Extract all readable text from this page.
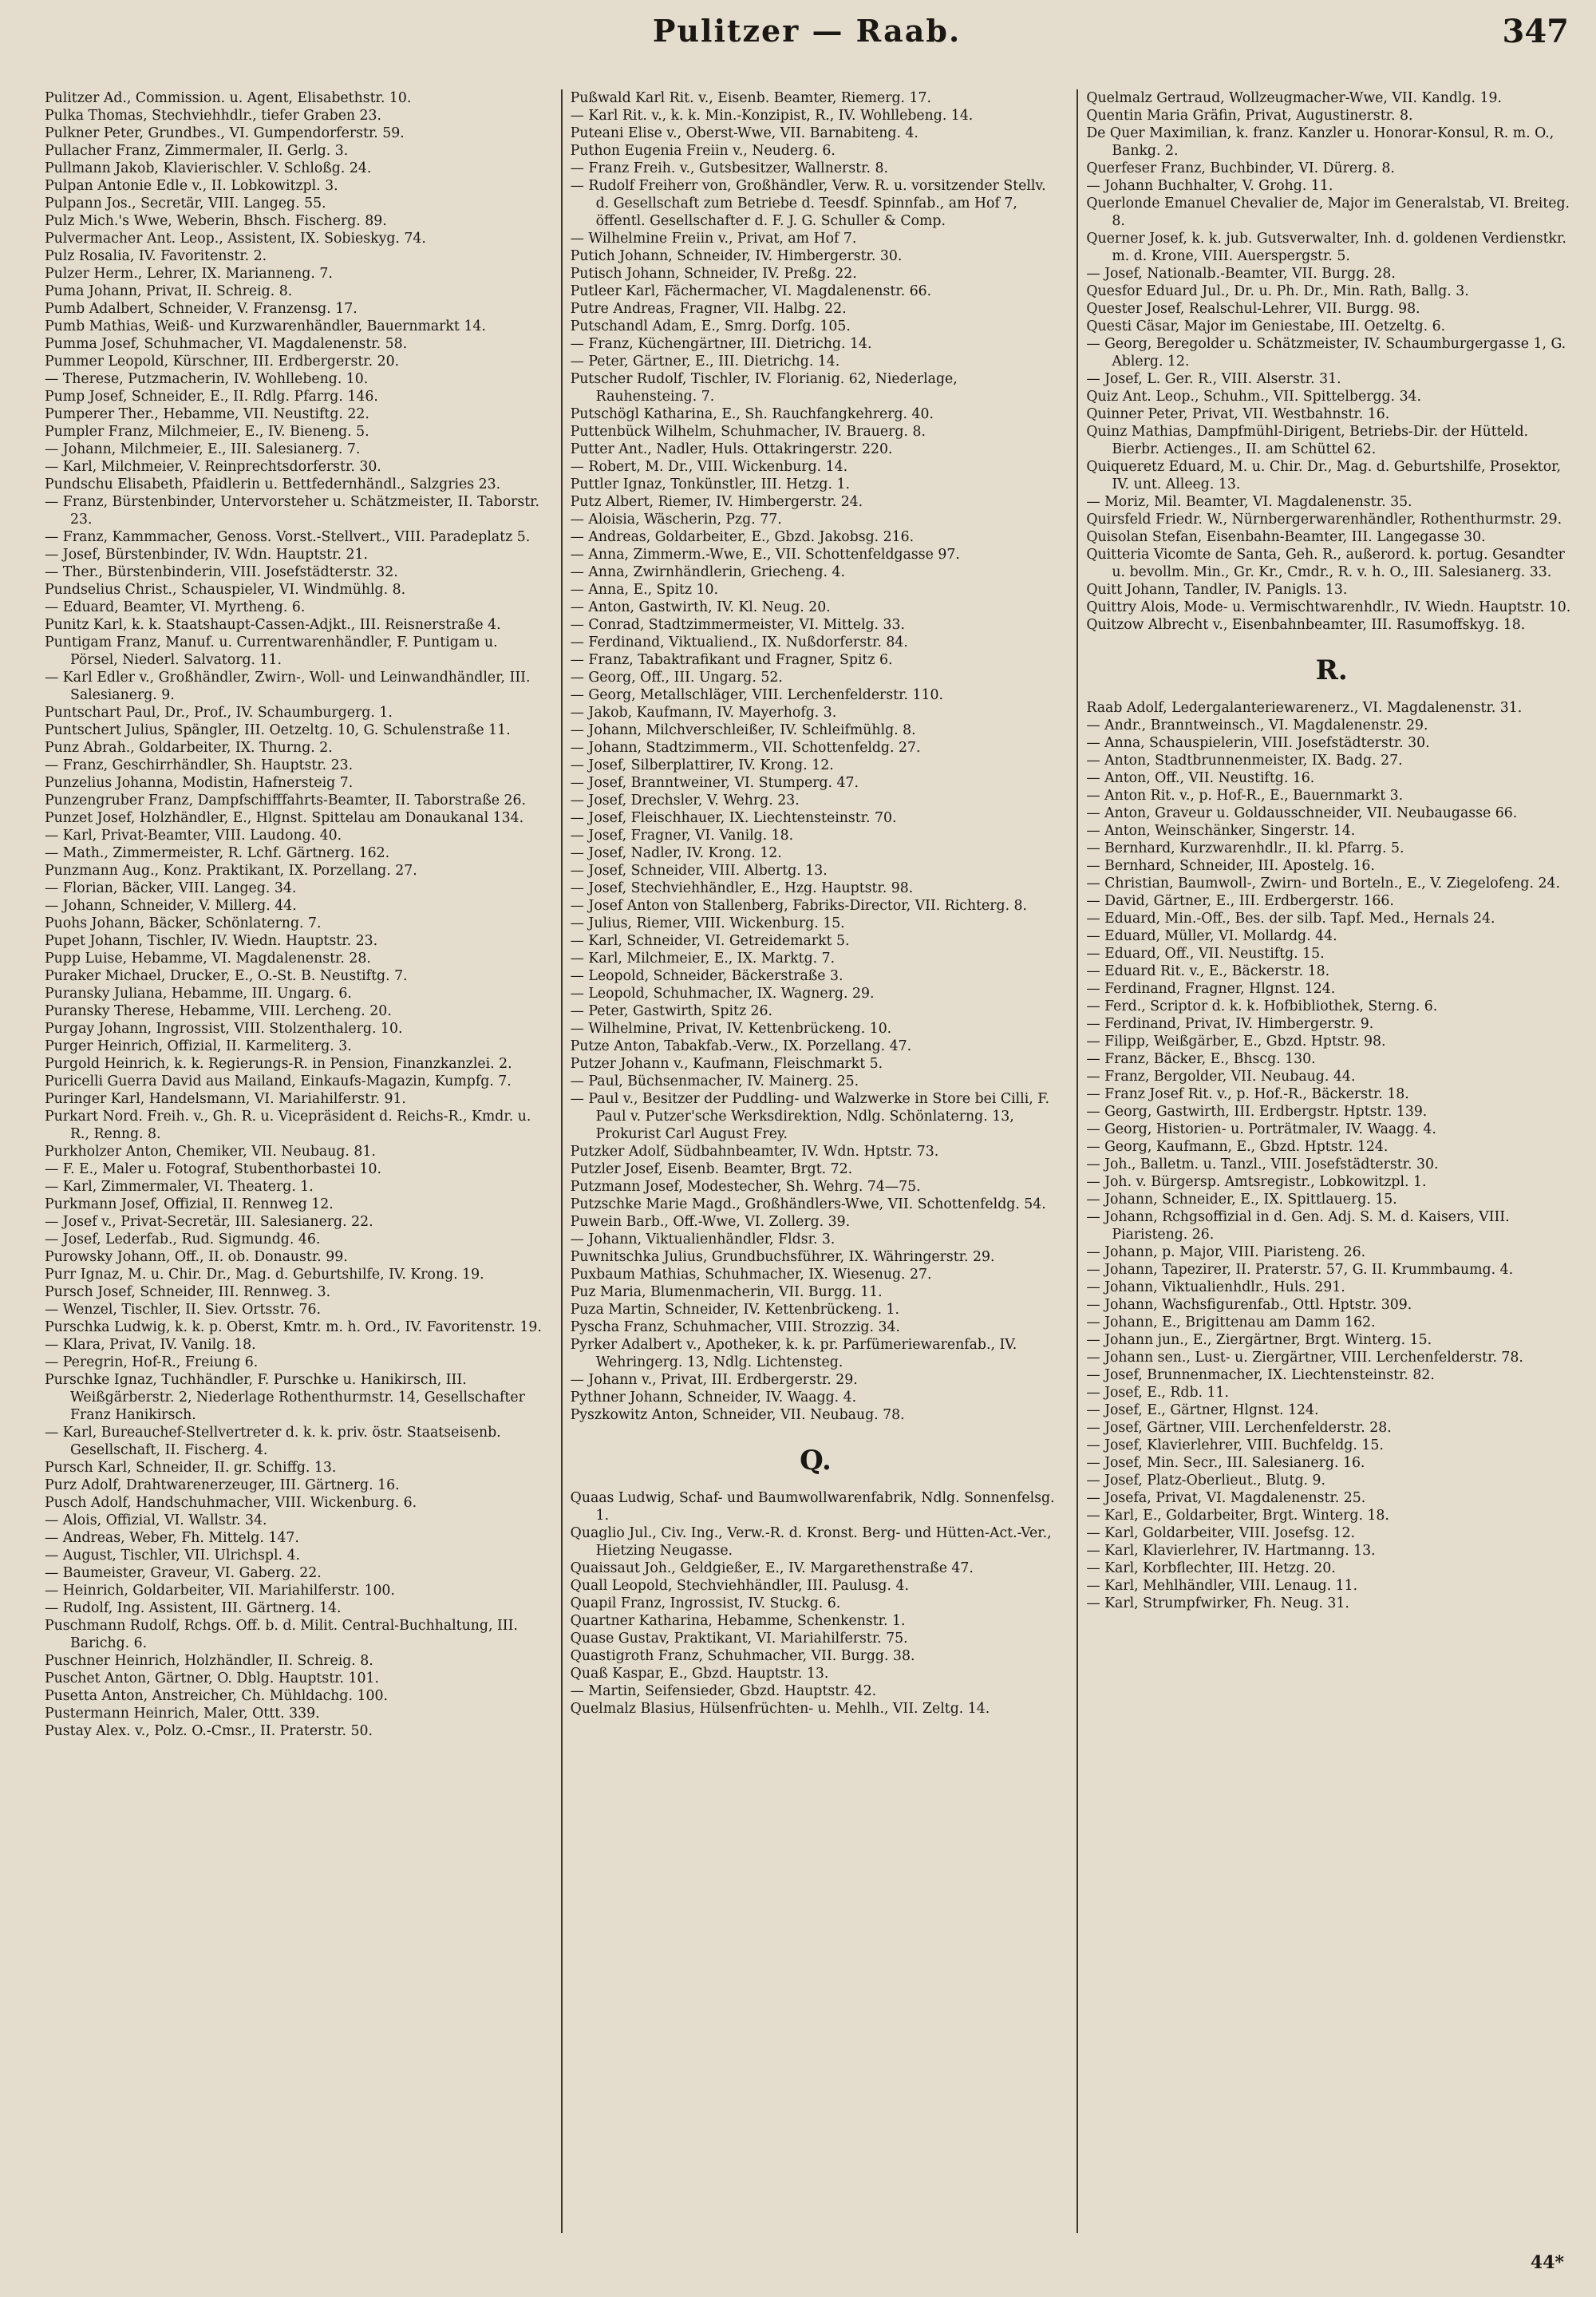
Pulitzer — Raab.	347
Pulitzer Ad., Commission. u. Agent, Elisabethstr. 10.
Pulka Thomas, Stechviehhdlr., tiefer Graben 23.
Pulkner Peter, Grundbes., VI. Gumpendorferstr. 59.
Pullacher Franz, Zimmermaler, II. Gerlg. 3.
Pullmann Jakob, Klavierischler. V. Schloßg. 24.
Pulpan Antonie Edle v., II. Lobkowitzpl. 3.
Pulpann Jos., Secretär, VIII. Langeg. 55.
Pulz Mich.'s Wwe, Weberin, Bhsch. Fischerg. 89.
Pulvermacher Ant. Leop., Assistent, IX. Sobieskyg. 74.
Pulz Rosalia, IV. Favoritenstr. 2.
Pulzer Herm., Lehrer, IX. Marianneng. 7.
Puma Johann, Privat, II. Schreig. 8.
Pumb Adalbert, Schneider, V. Franzensg. 17.
Pumb Mathias, Weiß- und Kurzwarenhändler, Bauernmarkt 14.
Pumma Josef, Schuhmacher, VI. Magdalenenstr. 58.
Pummer Leopold, Kürschner, III. Erdbergerstr. 20.
— Therese, Putzmacherin, IV. Wohllebeng. 10.
Pump Josef, Schneider, E., II. Rdlg. Pfarrg. 146.
Pumperer Ther., Hebamme, VII. Neustiftg. 22.
Pumpler Franz, Milchmeier, E., IV. Bieneng. 5.
— Johann, Milchmeier, E., III. Salesianerg. 7.
— Karl, Milchmeier, V. Reinprechtsdorferstr. 30.
Pundschu Elisabeth, Pfaidlerin u. Bettfedernhändl., Salzgries 23.
— Franz, Bürstenbinder, Untervorsteher u. Schätzmeister, II. Taborstr. 23.
— Franz, Kammmacher, Genoss. Vorst.-Stellvert., VIII. Paradeplatz 5.
— Josef, Bürstenbinder, IV. Wdn. Hauptstr. 21.
— Ther., Bürstenbinderin, VIII. Josefstädterstr. 32.
Pundselius Christ., Schauspieler, VI. Windmühlg. 8.
— Eduard, Beamter, VI. Myrtheng. 6.
Punitz Karl, k. k. Staatshaupt-Cassen-Adjkt., III. Reisnerstraße 4.
Puntigam Franz, Manuf. u. Currentwarenhändler, F. Puntigam u. Pörsel, Niederl. Salvatorg. 11.
— Karl Edler v., Großhändler, Zwirn-, Woll- und Leinwandhändler, III. Salesianerg. 9.
Puntschart Paul, Dr., Prof., IV. Schaumburgerg. 1.
Puntschert Julius, Spängler, III. Oetzeltg. 10, G. Schulenstraße 11.
Punz Abrah., Goldarbeiter, IX. Thurng. 2.
— Franz, Geschirrhändler, Sh. Hauptstr. 23.
Punzelius Johanna, Modistin, Hafnersteig 7.
Punzengruber Franz, Dampfschifffahrts-Beamter, II. Taborstraße 26.
Punzet Josef, Holzhändler, E., Hlgnst. Spittelau am Donaukanal 134.
— Karl, Privat-Beamter, VIII. Laudong. 40.
— Math., Zimmermeister, R. Lchf. Gärtnerg. 162.
Punzmann Aug., Konz. Praktikant, IX. Porzellang. 27.
— Florian, Bäcker, VIII. Langeg. 34.
— Johann, Schneider, V. Millerg. 44.
Puohs Johann, Bäcker, Schönlaterng. 7.
Pupet Johann, Tischler, IV. Wiedn. Hauptstr. 23.
Pupp Luise, Hebamme, VI. Magdalenenstr. 28.
Puraker Michael, Drucker, E., O.-St. B. Neustiftg. 7.
Puransky Juliana, Hebamme, III. Ungarg. 6.
Puransky Therese, Hebamme, VIII. Lercheng. 20.
Purgay Johann, Ingrossist, VIII. Stolzenthalerg. 10.
Purger Heinrich, Offizial, II. Karmeliterg. 3.
Purgold Heinrich, k. k. Regierungs-R. in Pension, Finanzkanzlei. 2.
Puricelli Guerra David aus Mailand, Einkaufs-Magazin, Kumpfg. 7.
Puringer Karl, Handelsmann, VI. Mariahilferstr. 91.
Purkart Nord. Freih. v., Gh. R. u. Vicepräsident d. Reichs-R., Kmdr. u. R., Renng. 8.
Purkholzer Anton, Chemiker, VII. Neubaug. 81.
— F. E., Maler u. Fotograf, Stubenthorbastei 10.
— Karl, Zimmermaler, VI. Theaterg. 1.
Purkmann Josef, Offizial, II. Rennweg 12.
— Josef v., Privat-Secretär, III. Salesianerg. 22.
— Josef, Lederfab., Rud. Sigmundg. 46.
Purowsky Johann, Off., II. ob. Donaustr. 99.
Purr Ignaz, M. u. Chir. Dr., Mag. d. Geburtshilfe, IV. Krong. 19.
Pursch Josef, Schneider, III. Rennweg. 3.
— Wenzel, Tischler, II. Siev. Ortsstr. 76.
Purschka Ludwig, k. k. p. Oberst, Kmtr. m. h. Ord., IV. Favoritenstr. 19.
— Klara, Privat, IV. Vanilg. 18.
— Peregrin, Hof-R., Freiung 6.
Purschke Ignaz, Tuchhändler, F. Purschke u. Hanikirsch, III. Weißgärberstr. 2, Niederlage Rothenthurmstr. 14, Gesellschafter Franz Hanikirsch.
— Karl, Bureauchef-Stellvertreter d. k. k. priv. östr. Staatseisenb. Gesellschaft, II. Fischerg. 4.
Pursch Karl, Schneider, II. gr. Schiffg. 13.
Purz Adolf, Drahtwarenerzeuger, III. Gärtnerg. 16.
Pusch Adolf, Handschuhmacher, VIII. Wickenburg. 6.
— Alois, Offizial, VI. Wallstr. 34.
— Andreas, Weber, Fh. Mittelg. 147.
— August, Tischler, VII. Ulrichspl. 4.
— Baumeister, Graveur, VI. Gaberg. 22.
— Heinrich, Goldarbeiter, VII. Mariahilferstr. 100.
— Rudolf, Ing. Assistent, III. Gärtnerg. 14.
Puschmann Rudolf, Rchgs. Off. b. d. Milit. Central-Buchhaltung, III. Barichg. 6.
Puschner Heinrich, Holzhändler, II. Schreig. 8.
Puschet Anton, Gärtner, O. Dblg. Hauptstr. 101.
Pusetta Anton, Anstreicher, Ch. Mühldachg. 100.
Pustermann Heinrich, Maler, Ottt. 339.
Pustay Alex. v., Polz. O.-Cmsr., II. Praterstr. 50.
Pußwald Karl Rit. v., Eisenb. Beamter, Riemerg. 17.
— Karl Rit. v., k. k. Min.-Konzipist, R., IV. Wohllebeng. 14.
Puteani Elise v., Oberst-Wwe, VII. Barnabiteng. 4.
Puthon Eugenia Freiin v., Neuderg. 6.
— Franz Freih. v., Gutsbesitzer, Wallnerstr. 8.
— Rudolf Freiherr von, Großhändler, Verw. R. u. vorsitzender Stellv. d. Gesellschaft zum Betriebe d. Teesdf. Spinnfab., am Hof 7, öffentl. Gesellschafter d. F. J. G. Schuller & Comp.
— Wilhelmine Freiin v., Privat, am Hof 7.
Putich Johann, Schneider, IV. Himbergerstr. 30.
Putisch Johann, Schneider, IV. Preßg. 22.
Putleer Karl, Fächermacher, VI. Magdalenenstr. 66.
Putre Andreas, Fragner, VII. Halbg. 22.
Putschandl Adam, E., Smrg. Dorfg. 105.
— Franz, Küchengärtner, III. Dietrichg. 14.
— Peter, Gärtner, E., III. Dietrichg. 14.
Putscher Rudolf, Tischler, IV. Florianig. 62, Niederlage, Rauhensteing. 7.
Putschögl Katharina, E., Sh. Rauchfangkehrerg. 40.
Puttenbück Wilhelm, Schuhmacher, IV. Brauerg. 8.
Putter Ant., Nadler, Huls. Ottakringerstr. 220.
— Robert, M. Dr., VIII. Wickenburg. 14.
Puttler Ignaz, Tonkünstler, III. Hetzg. 1.
Putz Albert, Riemer, IV. Himbergerstr. 24.
— Aloisia, Wäscherin, Pzg. 77.
— Andreas, Goldarbeiter, E., Gbzd. Jakobsg. 216.
— Anna, Zimmerm.-Wwe, E., VII. Schottenfeldgasse 97.
— Anna, Zwirnhändlerin, Griecheng. 4.
— Anna, E., Spitz 10.
— Anton, Gastwirth, IV. Kl. Neug. 20.
— Conrad, Stadtzimmermeister, VI. Mittelg. 33.
— Ferdinand, Viktualiend., IX. Nußdorferstr. 84.
— Franz, Tabaktrafikant und Fragner, Spitz 6.
— Georg, Off., III. Ungarg. 52.
— Georg, Metallschläger, VIII. Lerchenfelderstr. 110.
— Jakob, Kaufmann, IV. Mayerhofg. 3.
— Johann, Milchverschleißer, IV. Schleifmühlg. 8.
— Johann, Stadtzimmerm., VII. Schottenfeldg. 27.
— Josef, Silberplattirer, IV. Krong. 12.
— Josef, Branntweiner, VI. Stumperg. 47.
— Josef, Drechsler, V. Wehrg. 23.
— Josef, Fleischhauer, IX. Liechtensteinstr. 70.
— Josef, Fragner, VI. Vanilg. 18.
— Josef, Nadler, IV. Krong. 12.
— Josef, Schneider, VIII. Albertg. 13.
— Josef, Stechviehhändler, E., Hzg. Hauptstr. 98.
— Josef Anton von Stallenberg, Fabriks-Director, VII. Richterg. 8.
— Julius, Riemer, VIII. Wickenburg. 15.
— Karl, Schneider, VI. Getreidemarkt 5.
— Karl, Milchmeier, E., IX. Marktg. 7.
— Leopold, Schneider, Bäckerstraße 3.
— Leopold, Schuhmacher, IX. Wagnerg. 29.
— Peter, Gastwirth, Spitz 26.
— Wilhelmine, Privat, IV. Kettenbrückeng. 10.
Putze Anton, Tabakfab.-Verw., IX. Porzellang. 47.
Putzer Johann v., Kaufmann, Fleischmarkt 5.
— Paul, Büchsenmacher, IV. Mainerg. 25.
— Paul v., Besitzer der Puddling- und Walzwerke in Store bei Cilli, F. Paul v. Putzer'sche Werksdirektion, Ndlg. Schönlaterng. 13, Prokurist Carl August Frey.
Putzker Adolf, Südbahnbeamter, IV. Wdn. Hptstr. 73.
Putzler Josef, Eisenb. Beamter, Brgt. 72.
Putzmann Josef, Modestecher, Sh. Wehrg. 74—75.
Putzschke Marie Magd., Großhändlers-Wwe, VII. Schottenfeldg. 54.
Puwein Barb., Off.-Wwe, VI. Zollerg. 39.
— Johann, Viktualienhändler, Fldsr. 3.
Puwnitschka Julius, Grundbuchsführer, IX. Währingerstr. 29.
Puxbaum Mathias, Schuhmacher, IX. Wiesenug. 27.
Puz Maria, Blumenmacherin, VII. Burgg. 11.
Puza Martin, Schneider, IV. Kettenbrückeng. 1.
Pyscha Franz, Schuhmacher, VIII. Strozzig. 34.
Pyrker Adalbert v., Apotheker, k. k. pr. Parfümeriewarenfab., IV. Wehringerg. 13, Ndlg. Lichtensteg.
— Johann v., Privat, III. Erdbergerstr. 29.
Pythner Johann, Schneider, IV. Waagg. 4.
Pyszkowitz Anton, Schneider, VII. Neubaug. 78.
Q.
Quaas Ludwig, Schaf- und Baumwollwarenfabrik, Ndlg. Sonnenfelsg. 1.
Quaglio Jul., Civ. Ing., Verw.-R. d. Kronst. Berg- und Hütten-Act.-Ver., Hietzing Neugasse.
Quaissaut Joh., Geldgießer, E., IV. Margarethenstraße 47.
Quall Leopold, Stechviehhändler, III. Paulusg. 4.
Quapil Franz, Ingrossist, IV. Stuckg. 6.
Quartner Katharina, Hebamme, Schenkenstr. 1.
Quase Gustav, Praktikant, VI. Mariahilferstr. 75.
Quastigroth Franz, Schuhmacher, VII. Burgg. 38.
Quaß Kaspar, E., Gbzd. Hauptstr. 13.
— Martin, Seifensieder, Gbzd. Hauptstr. 42.
Quelmalz Blasius, Hülsenfrüchten- u. Mehlh., VII. Zeltg. 14.
Quelmalz Gertraud, Wollzeugmacher-Wwe, VII. Kandlg. 19.
Quentin Maria Gräfin, Privat, Augustinerstr. 8.
De Quer Maximilian, k. franz. Kanzler u. Honorar-Konsul, R. m. O., Bankg. 2.
Querfeser Franz, Buchbinder, VI. Dürerg. 8.
— Johann Buchhalter, V. Grohg. 11.
Querlonde Emanuel Chevalier de, Major im Generalstab, VI. Breiteg. 8.
Querner Josef, k. k. jub. Gutsverwalter, Inh. d. goldenen Verdienstkr. m. d. Krone, VIII. Auerspergstr. 5.
— Josef, Nationalb.-Beamter, VII. Burgg. 28.
Quesfor Eduard Jul., Dr. u. Ph. Dr., Min. Rath, Ballg. 3.
Quester Josef, Realschul-Lehrer, VII. Burgg. 98.
Questi Cäsar, Major im Geniestabe, III. Oetzeltg. 6.
— Georg, Beregolder u. Schätzmeister, IV. Schaumburgergasse 1, G. Ablerg. 12.
— Josef, L. Ger. R., VIII. Alserstr. 31.
Quiz Ant. Leop., Schuhm., VII. Spittelbergg. 34.
Quinner Peter, Privat, VII. Westbahnstr. 16.
Quinz Mathias, Dampfmühl-Dirigent, Betriebs-Dir. der Hütteld. Bierbr. Actienges., II. am Schüttel 62.
Quiqueretz Eduard, M. u. Chir. Dr., Mag. d. Geburtshilfe, Prosektor, IV. unt. Alleeg. 13.
— Moriz, Mil. Beamter, VI. Magdalenenstr. 35.
Quirsfeld Friedr. W., Nürnbergerwarenhändler, Rothenthurmstr. 29.
Quisolan Stefan, Eisenbahn-Beamter, III. Langegasse 30.
Quitteria Vicomte de Santa, Geh. R., außerord. k. portug. Gesandter u. bevollm. Min., Gr. Kr., Cmdr., R. v. h. O., III. Salesianerg. 33.
Quitt Johann, Tandler, IV. Panigls. 13.
Quittry Alois, Mode- u. Vermischtwarenhdlr., IV. Wiedn. Hauptstr. 10.
Quitzow Albrecht v., Eisenbahnbeamter, III. Rasumoffskyg. 18.
R.
Raab Adolf, Ledergalanteriewarenerz., VI. Magdalenenstr. 31.
— Andr., Branntweinsch., VI. Magdalenenstr. 29.
— Anna, Schauspielerin, VIII. Josefstädterstr. 30.
— Anton, Stadtbrunnenmeister, IX. Badg. 27.
— Anton, Off., VII. Neustiftg. 16.
— Anton Rit. v., p. Hof-R., E., Bauernmarkt 3.
— Anton, Graveur u. Goldausschneider, VII. Neubaugasse 66.
— Anton, Weinschänker, Singerstr. 14.
— Bernhard, Kurzwarenhdlr., II. kl. Pfarrg. 5.
— Bernhard, Schneider, III. Apostelg. 16.
— Christian, Baumwoll-, Zwirn- und Borteln., E., V. Ziegelofeng. 24.
— David, Gärtner, E., III. Erdbergerstr. 166.
— Eduard, Min.-Off., Bes. der silb. Tapf. Med., Hernals 24.
— Eduard, Müller, VI. Mollardg. 44.
— Eduard, Off., VII. Neustiftg. 15.
— Eduard Rit. v., E., Bäckerstr. 18.
— Ferdinand, Fragner, Hlgnst. 124.
— Ferd., Scriptor d. k. k. Hofbibliothek, Sterng. 6.
— Ferdinand, Privat, IV. Himbergerstr. 9.
— Filipp, Weißgärber, E., Gbzd. Hptstr. 98.
— Franz, Bäcker, E., Bhscg. 130.
— Franz, Bergolder, VII. Neubaug. 44.
— Franz Josef Rit. v., p. Hof.-R., Bäckerstr. 18.
— Georg, Gastwirth, III. Erdbergstr. Hptstr. 139.
— Georg, Historien- u. Porträtmaler, IV. Waagg. 4.
— Georg, Kaufmann, E., Gbzd. Hptstr. 124.
— Joh., Balletm. u. Tanzl., VIII. Josefstädterstr. 30.
— Joh. v. Bürgersp. Amtsregistr., Lobkowitzpl. 1.
— Johann, Schneider, E., IX. Spittlauerg. 15.
— Johann, Rchgsoffizial in d. Gen. Adj. S. M. d. Kaisers, VIII. Piaristeng. 26.
— Johann, p. Major, VIII. Piaristeng. 26.
— Johann, Tapezirer, II. Praterstr. 57, G. II. Krummbaumg. 4.
— Johann, Viktualienhdlr., Huls. 291.
— Johann, Wachsfigurenfab., Ottl. Hptstr. 309.
— Johann, E., Brigittenau am Damm 162.
— Johann jun., E., Ziergärtner, Brgt. Winterg. 15.
— Johann sen., Lust- u. Ziergärtner, VIII. Lerchenfelderstr. 78.
— Josef, Brunnenmacher, IX. Liechtensteinstr. 82.
— Josef, E., Rdb. 11.
— Josef, E., Gärtner, Hlgnst. 124.
— Josef, Gärtner, VIII. Lerchenfelderstr. 28.
— Josef, Klavierlehrer, VIII. Buchfeldg. 15.
— Josef, Min. Secr., III. Salesianerg. 16.
— Josef, Platz-Oberlieut., Blutg. 9.
— Josefa, Privat, VI. Magdalenenstr. 25.
— Karl, E., Goldarbeiter, Brgt. Winterg. 18.
— Karl, Goldarbeiter, VIII. Josefsg. 12.
— Karl, Klavierlehrer, IV. Hartmanng. 13.
— Karl, Korbflechter, III. Hetzg. 20.
— Karl, Mehlhändler, VIII. Lenaug. 11.
— Karl, Strumpfwirker, Fh. Neug. 31.
44*
